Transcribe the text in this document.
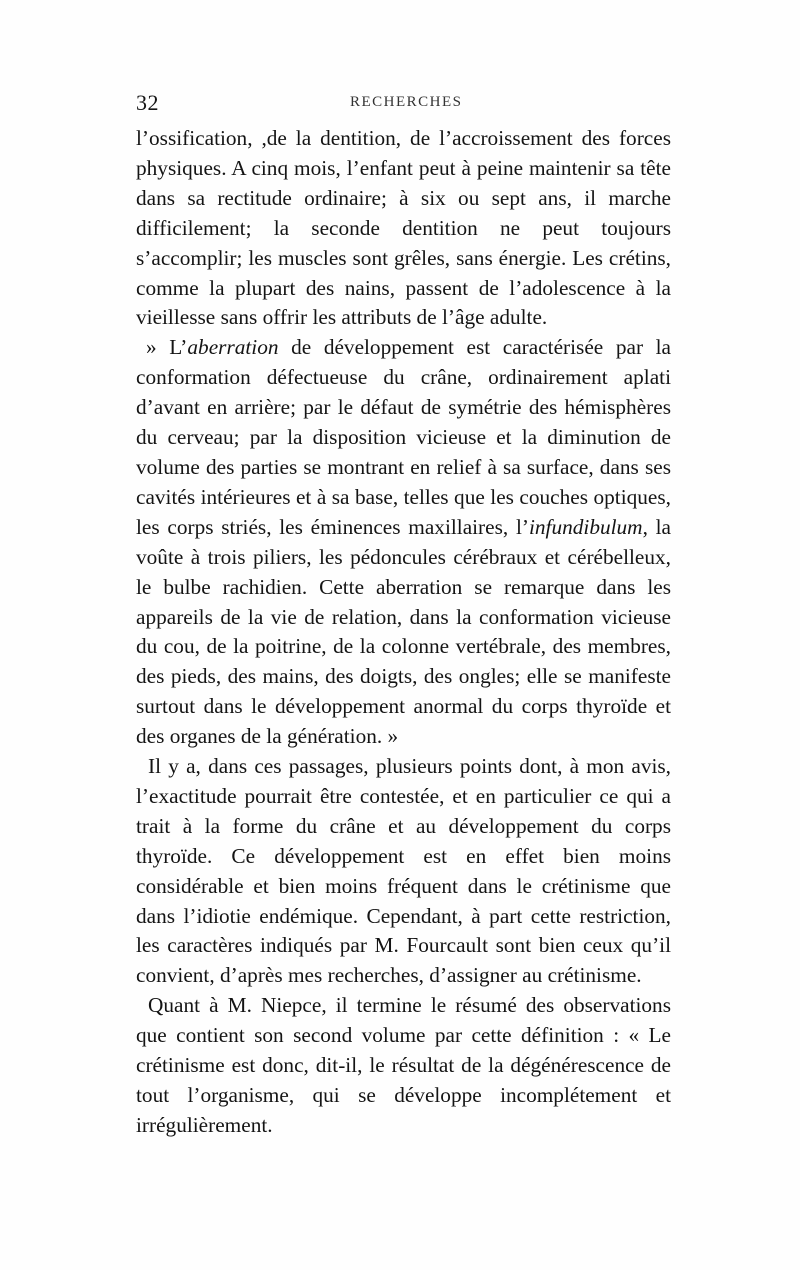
32	RECHERCHES

l’ossification, ,de la dentition, de l’accroissement des forces physiques. A cinq mois, l’enfant peut à peine maintenir sa tête dans sa rectitude ordinaire; à six ou sept ans, il marche difficilement; la seconde dentition ne peut toujours s’accomplir; les muscles sont grêles, sans énergie. Les crétins, comme la plupart des nains, passent de l’adolescence à la vieillesse sans offrir les attributs de l’âge adulte.

» L’aberration de développement est caractérisée par la conformation défectueuse du crâne, ordinairement aplati d’avant en arrière; par le défaut de symétrie des hémisphères du cerveau; par la disposition vicieuse et la diminution de volume des parties se montrant en relief à sa surface, dans ses cavités intérieures et à sa base, telles que les couches optiques, les corps striés, les éminences maxillaires, l’infundibulum, la voûte à trois piliers, les pédoncules cérébraux et cérébelleux, le bulbe rachidien. Cette aberration se remarque dans les appareils de la vie de relation, dans la conformation vicieuse du cou, de la poitrine, de la colonne vertébrale, des membres, des pieds, des mains, des doigts, des ongles; elle se manifeste surtout dans le développement anormal du corps thyroïde et des organes de la génération. »

Il y a, dans ces passages, plusieurs points dont, à mon avis, l’exactitude pourrait être contestée, et en particulier ce qui a trait à la forme du crâne et au développement du corps thyroïde. Ce développement est en effet bien moins considérable et bien moins fréquent dans le crétinisme que dans l’idiotie endémique. Cependant, à part cette restriction, les caractères indiqués par M. Fourcault sont bien ceux qu’il convient, d’après mes recherches, d’assigner au crétinisme.

Quant à M. Niepce, il termine le résumé des observations que contient son second volume par cette définition : « Le crétinisme est donc, dit-il, le résultat de la dégénérescence de tout l’organisme, qui se développe incomplétement et irrégulièrement.
